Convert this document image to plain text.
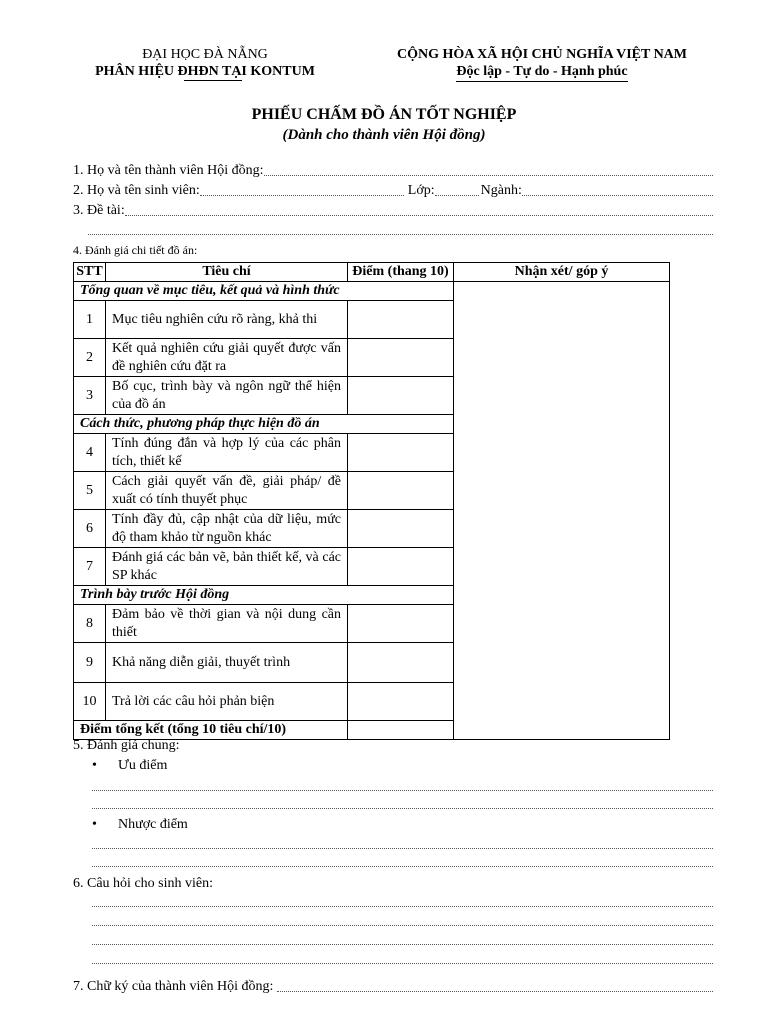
ĐẠI HỌC ĐÀ NẴNG
PHÂN HIỆU ĐHĐN TẠI KONTUM
CỘNG HÒA XÃ HỘI CHỦ NGHĨA VIỆT NAM
Độc lập - Tự do - Hạnh phúc
PHIẾU CHẤM ĐỒ ÁN TỐT NGHIỆP
(Dành cho thành viên Hội đồng)
1. Họ và tên thành viên Hội đồng:
2. Họ và tên sinh viên:	Lớp:	Ngành:
3. Đề tài:
4. Đánh giá chi tiết đồ án:
STT	Tiêu chí	Điểm (thang 10)	Nhận xét/ góp ý
Tổng quan về mục tiêu, kết quả và hình thức			
1	Mục tiêu nghiên cứu rõ ràng, khả thi		
2	Kết quả nghiên cứu giải quyết được vấn đề nghiên cứu đặt ra		
3	Bố cục, trình bày và ngôn ngữ thể hiện của đồ án		
Cách thức, phương pháp thực hiện đồ án			
4	Tính đúng đắn và hợp lý của các phân tích, thiết kế		
5	Cách giải quyết vấn đề, giải pháp/ đề xuất có tính thuyết phục		
6	Tính đầy đủ, cập nhật của dữ liệu, mức độ tham khảo từ nguồn khác		
7	Đánh giá các bản vẽ, bản thiết kế, và các SP khác		
Trình bày trước Hội đồng			
8	Đảm bảo về thời gian và nội dung cần thiết		
9	Khả năng diễn giải, thuyết trình		
10	Trả lời các câu hỏi phản biện		
Điểm tổng kết (tổng 10 tiêu chí/10)			
5. Đánh giá chung:
• Ưu điểm
• Nhược điểm
6. Câu hỏi cho sinh viên:
7. Chữ ký của thành viên Hội đồng:
